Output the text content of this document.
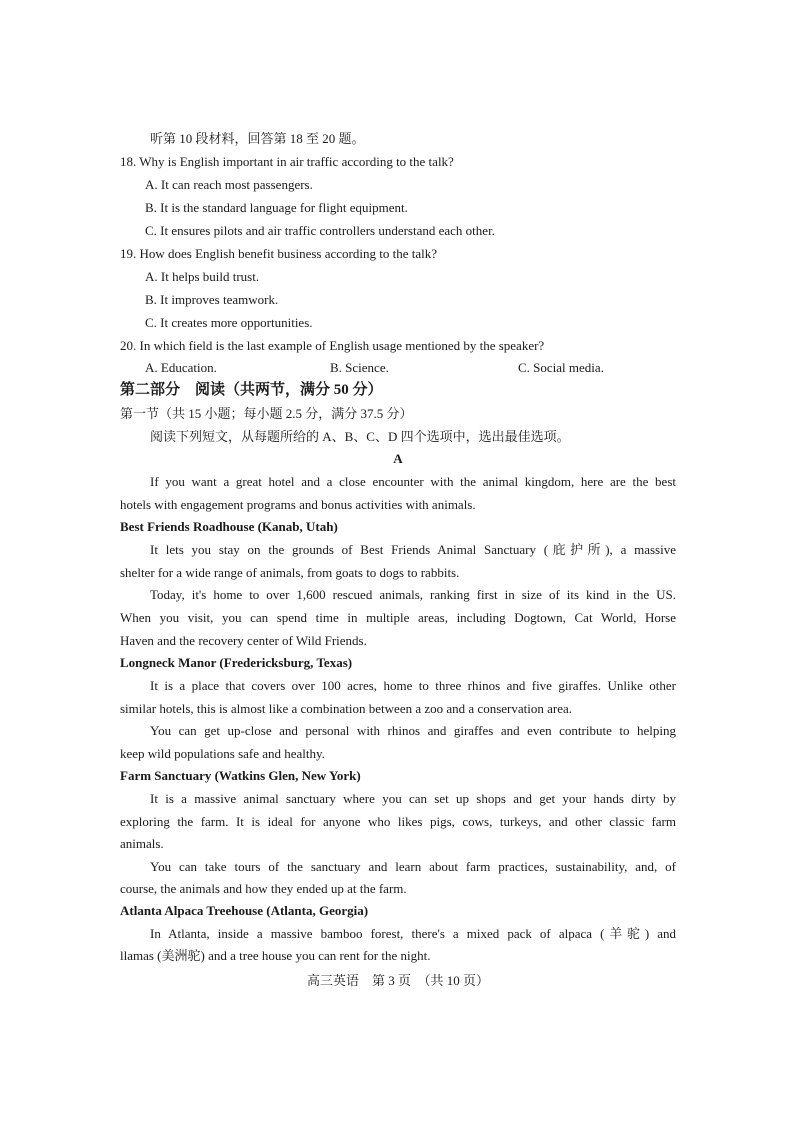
听第 10 段材料，回答第 18 至 20 题。
18. Why is English important in air traffic according to the talk?
A. It can reach most passengers.
B. It is the standard language for flight equipment.
C. It ensures pilots and air traffic controllers understand each other.
19. How does English benefit business according to the talk?
A. It helps build trust.
B. It improves teamwork.
C. It creates more opportunities.
20. In which field is the last example of English usage mentioned by the speaker?
A. Education.	B. Science.	C. Social media.
第二部分　阅读（共两节，满分 50 分）
第一节（共 15 小题；每小题 2.5 分，满分 37.5 分）
阅读下列短文，从每题所给的 A、B、C、D 四个选项中，选出最佳选项。
A
If you want a great hotel and a close encounter with the animal kingdom, here are the best
hotels with engagement programs and bonus activities with animals.
Best Friends Roadhouse (Kanab, Utah)
It lets you stay on the grounds of Best Friends Animal Sanctuary (庇护所), a massive
shelter for a wide range of animals, from goats to dogs to rabbits.
Today, it's home to over 1,600 rescued animals, ranking first in size of its kind in the US.
When you visit, you can spend time in multiple areas, including Dogtown, Cat World, Horse
Haven and the recovery center of Wild Friends.
Longneck Manor (Fredericksburg, Texas)
It is a place that covers over 100 acres, home to three rhinos and five giraffes. Unlike other
similar hotels, this is almost like a combination between a zoo and a conservation area.
You can get up-close and personal with rhinos and giraffes and even contribute to helping
keep wild populations safe and healthy.
Farm Sanctuary (Watkins Glen, New York)
It is a massive animal sanctuary where you can set up shops and get your hands dirty by
exploring the farm. It is ideal for anyone who likes pigs, cows, turkeys, and other classic farm
animals.
You can take tours of the sanctuary and learn about farm practices, sustainability, and, of
course, the animals and how they ended up at the farm.
Atlanta Alpaca Treehouse (Atlanta, Georgia)
In Atlanta, inside a massive bamboo forest, there's a mixed pack of alpaca (羊驼) and
llamas (美洲驼) and a tree house you can rent for the night.
高三英语　第 3 页　（共 10 页）
